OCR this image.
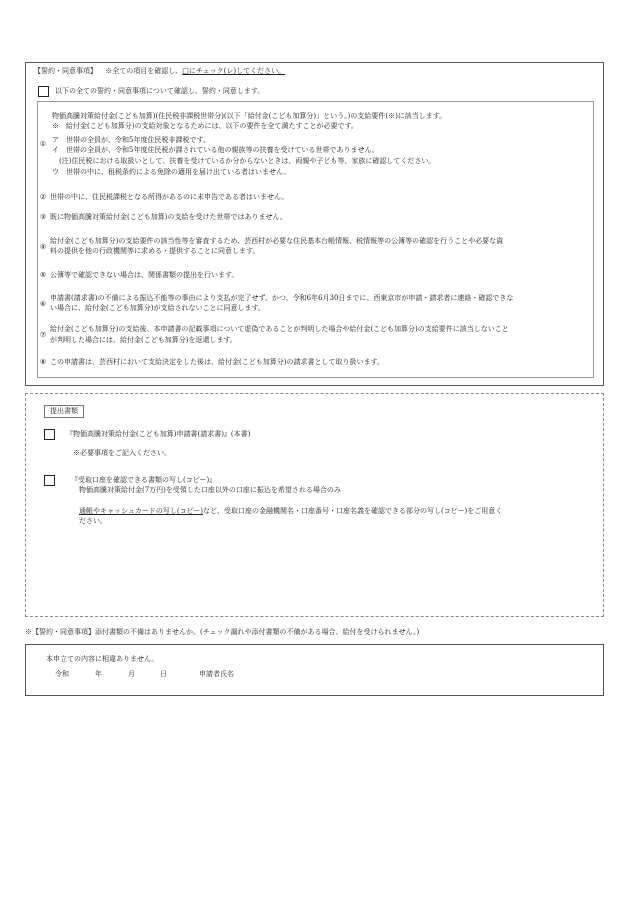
【誓約・同意事項】 ※全ての項目を確認し、□にチェック(レ)してください。
以下の全ての誓約・同意事項について確認し、誓約・同意します。
物価高騰対策給付金(こども加算)(住民税非課税世帯分)(以下「給付金(こども加算分)」という。)の支給要件(※)に該当します。
※　給付金(こども加算分)の支給対象となるためには、以下の要件を全て満たすことが必要です。
① ア　世帯の全員が、令和5年度住民税非課税です。
イ　世帯の全員が、令和5年度住民税が課されている他の親族等の扶養を受けている世帯でありません。
(注)住民税における取扱いとして、扶養を受けているか分からないときは、両親や子ども等、家族に確認してください。
ウ　世帯の中に、租税条約による免除の適用を届け出ている者はいません。
② 世帯の中に、住民税課税となる所得があるのに未申告である者はいません。
③ 既に物価高騰対策給付金(こども加算)の支給を受けた世帯ではありません。
④
給付金(こども加算分)の支給要件の該当性等を審査するため、芸西村が必要な住民基本台帳情報、税情報等の公簿等の確認を行うことや必要な資
料の提供を他の行政機関等に求める・提供することに同意します。
⑤ 公簿等で確認できない場合は、関係書類の提出を行います。
⑥
申請書(請求書)の不備による振込不能等の事由により支払が完了せず、かつ、令和6年6月30日までに、西東京市が申請・請求者に連絡・確認できな
い場合に、給付金(こども加算分)が支給されないことに同意します。
⑦
給付金(こども加算分)の支給後、本申請書の記載事項について虚偽であることが判明した場合や給付金(こども加算分)の支給要件に該当しないこと
が判明した場合には、給付金(こども加算分)を返還します。
⑧ この申請書は、芸西村において支給決定をした後は、給付金(こども加算分)の請求書として取り扱います。
提出書類
『物価高騰対策給付金(こども加算)申請書(請求書)』(本書)
※必要事項をご記入ください。
『受取口座を確認できる書類の写し(コピー)』
物価高騰対策給付金(7万円)を受領した口座以外の口座に振込を希望される場合のみ
通帳やキャッシュカードの写し(コピー)など、受取口座の金融機関名・口座番号・口座名義を確認できる部分の写し(コピー)をご用意く
ださい。
※【誓約・同意事項】添付書類の不備はありませんか。(チェック漏れや添付書類の不備がある場合、給付を受けられません。)
本申立ての内容に相違ありません。
令和	年	月	日	申請者氏名
